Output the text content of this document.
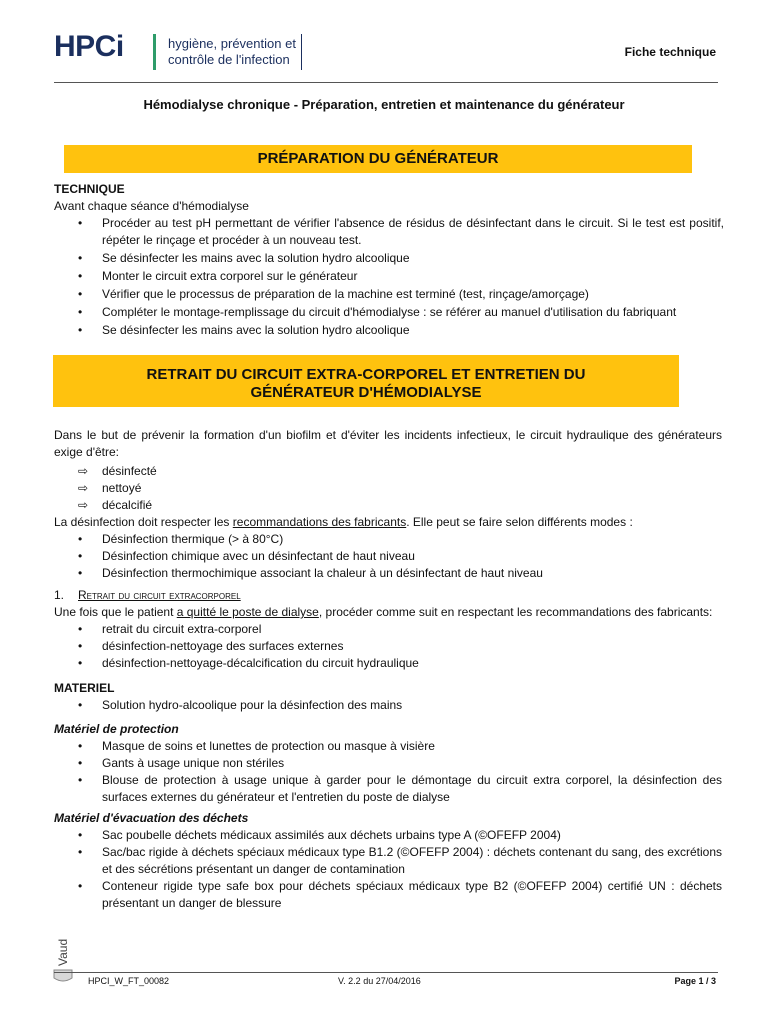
HPCi	hygiène, prévention et
contrôle de l'infection	Fiche technique
Hémodialyse chronique - Préparation, entretien et maintenance du générateur
PRÉPARATION DU GÉNÉRATEUR
TECHNIQUE
Avant chaque séance d'hémodialyse
• Procéder au test pH permettant de vérifier l'absence de résidus de désinfectant dans le circuit. Si le test est positif, répéter le rinçage et procéder à un nouveau test.
• Se désinfecter les mains avec la solution hydro alcoolique
• Monter le circuit extra corporel sur le générateur
• Vérifier que le processus de préparation de la machine est terminé (test, rinçage/amorçage)
• Compléter le montage-remplissage du circuit d'hémodialyse : se référer au manuel d'utilisation du fabriquant
• Se désinfecter les mains avec la solution hydro alcoolique
RETRAIT DU CIRCUIT EXTRA-CORPOREL ET ENTRETIEN DU
GÉNÉRATEUR D'HÉMODIALYSE
Dans le but de prévenir la formation d'un biofilm et d'éviter les incidents infectieux, le circuit hydraulique des générateurs exige d'être:
⇨ désinfecté
⇨ nettoyé
⇨ décalcifié
La désinfection doit respecter les recommandations des fabricants. Elle peut se faire selon différents modes :
• Désinfection thermique (> à 80°C)
• Désinfection chimique avec un désinfectant de haut niveau
• Désinfection thermochimique associant la chaleur à un désinfectant de haut niveau
1. Retrait du circuit extracorporel
Une fois que le patient a quitté le poste de dialyse, procéder comme suit en respectant les recommandations des fabricants:
• retrait du circuit extra-corporel
• désinfection-nettoyage des surfaces externes
• désinfection-nettoyage-décalcification du circuit hydraulique
MATERIEL
• Solution hydro-alcoolique pour la désinfection des mains
Matériel de protection
• Masque de soins et lunettes de protection ou masque à visière
• Gants à usage unique non stériles
• Blouse de protection à usage unique à garder pour le démontage du circuit extra corporel, la désinfection des surfaces externes du générateur et l'entretien du poste de dialyse
Matériel d'évacuation des déchets
• Sac poubelle déchets médicaux assimilés aux déchets urbains type A (©OFEFP 2004)
• Sac/bac rigide à déchets spéciaux médicaux type B1.2 (©OFEFP 2004) : déchets contenant du sang, des excrétions et des sécrétions présentant un danger de contamination
• Conteneur rigide type safe box pour déchets spéciaux médicaux type B2 (©OFEFP 2004) certifié UN : déchets présentant un danger de blessure
Vaud
HPCI_W_FT_00082	V. 2.2 du 27/04/2016	Page 1 / 3
